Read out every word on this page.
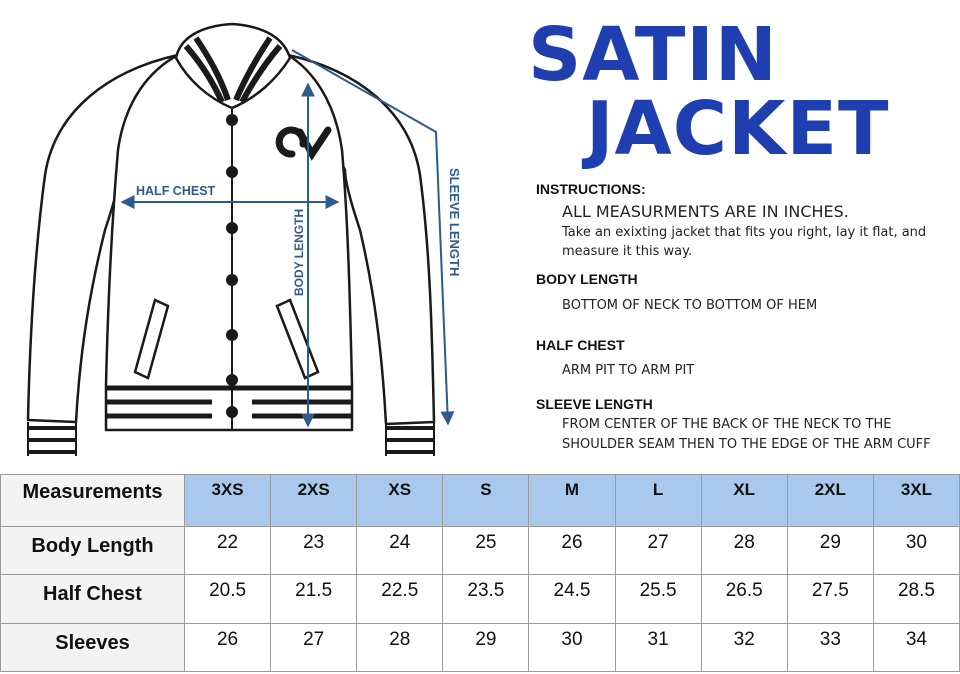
HALF CHEST
BODY LENGTH	SLEEVE LENGTH
SATIN
JACKET
INSTRUCTIONS:
ALL MEASURMENTS ARE IN INCHES.
Take an exixting jacket that fits you right, lay it flat, and
measure it this way.
BODY LENGTH
BOTTOM OF NECK TO BOTTOM OF HEM
HALF CHEST
ARM PIT TO ARM PIT
SLEEVE LENGTH
FROM CENTER OF THE BACK OF THE NECK TO THE
SHOULDER SEAM THEN TO THE EDGE OF THE ARM CUFF
Measurements	3XS	2XS	XS	S	M	L	XL	2XL	3XL
Body Length	22	23	24	25	26	27	28	29	30
Half Chest	20.5	21.5	22.5	23.5	24.5	25.5	26.5	27.5	28.5
Sleeves	26	27	28	29	30	31	32	33	34
